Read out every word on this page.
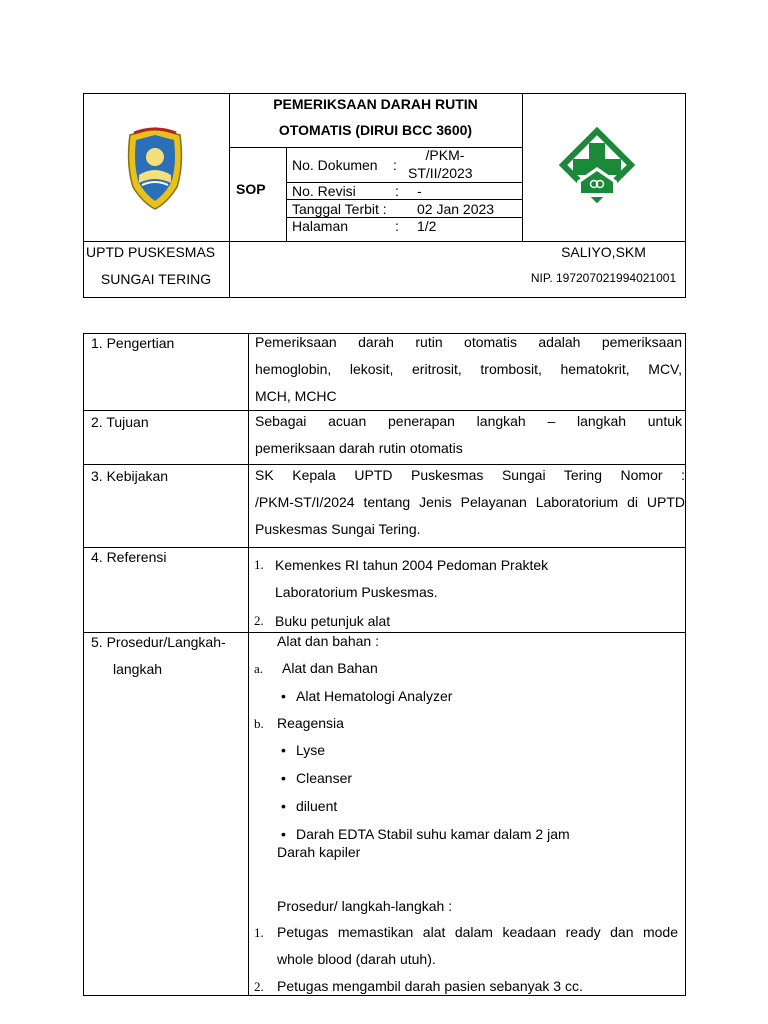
PEMERIKSAAN DARAH RUTIN
OTOMATIS (DIRUI BCC 3600)
SOP
No. Dokumen :
/PKM-
ST/II/2023
No. Revisi	: -
Tanggal Terbit : 02 Jan 2023
Halaman	: 1/2
UPTD PUSKESMAS
SUNGAI TERING
SALIYO,SKM
NIP. 197207021994021001
1. Pengertian	Pemeriksaan darah rutin otomatis adalah pemeriksaan
hemoglobin, lekosit, eritrosit, trombosit, hematokrit, MCV,
MCH, MCHC
2. Tujuan	Sebagai acuan penerapan langkah – langkah untuk
pemeriksaan darah rutin otomatis
3. Kebijakan	SK Kepala UPTD Puskesmas Sungai Tering Nomor :
/PKM-ST/I/2024 tentang Jenis Pelayanan Laboratorium di UPTD
Puskesmas Sungai Tering.
4. Referensi	1. Kemenkes RI tahun 2004 Pedoman Praktek
Laboratorium Puskesmas.
2. Buku petunjuk alat
5. Prosedur/Langkah-
langkah
Alat dan bahan :
a. Alat dan Bahan
• Alat Hematologi Analyzer
b. Reagensia
• Lyse
• Cleanser
• diluent
• Darah EDTA Stabil suhu kamar dalam 2 jam
Darah kapiler
Prosedur/ langkah-langkah :
1. Petugas memastikan alat dalam keadaan ready dan mode
whole blood (darah utuh).
2. Petugas mengambil darah pasien sebanyak 3 cc.
